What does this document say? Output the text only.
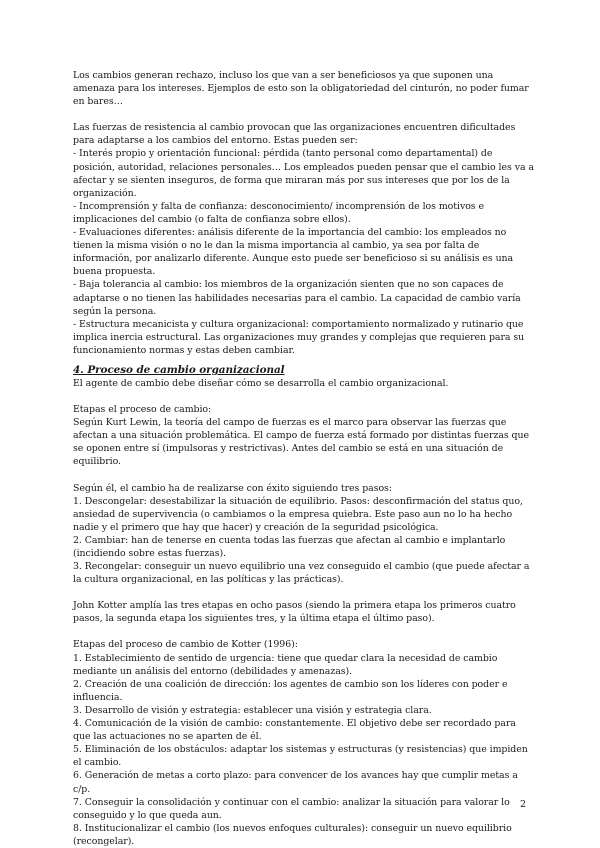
Los cambios generan rechazo, incluso los que van a ser beneficiosos ya que suponen una amenaza para los intereses. Ejemplos de esto son la obligatoriedad del cinturón, no poder fumar en bares…

Las fuerzas de resistencia al cambio provocan que las organizaciones encuentren dificultades para adaptarse a los cambios del entorno. Estas pueden ser:

- Interés propio y orientación funcional: pérdida (tanto personal como departamental) de posición, autoridad, relaciones personales… Los empleados pueden pensar que el cambio les va a afectar y se sienten inseguros, de forma que miraran más por sus intereses que por los de la organización.

- Incomprensión y falta de confianza: desconocimiento/ incomprensión de los motivos e implicaciones del cambio (o falta de confianza sobre ellos).

- Evaluaciones diferentes: análisis diferente de la importancia del cambio: los empleados no tienen la misma visión o no le dan la misma importancia al cambio, ya sea por falta de información, por analizarlo diferente. Aunque esto puede ser beneficioso si su análisis es una buena propuesta.

- Baja tolerancia al cambio: los miembros de la organización sienten que no son capaces de adaptarse o no tienen las habilidades necesarias para el cambio. La capacidad de cambio varía según la persona.

- Estructura mecanicista y cultura organizacional: comportamiento normalizado y rutinario que implica inercia estructural. Las organizaciones muy grandes y complejas que requieren para su funcionamiento normas y estas deben cambiar.

4. Proceso de cambio organizacional

El agente de cambio debe diseñar cómo se desarrolla el cambio organizacional.

Etapas el proceso de cambio:

Según Kurt Lewin, la teoría del campo de fuerzas es el marco para observar las fuerzas que afectan a una situación problemática. El campo de fuerza está formado por distintas fuerzas que se oponen entre sí (impulsoras y restrictivas). Antes del cambio se está en una situación de equilibrio.

Según él, el cambio ha de realizarse con éxito siguiendo tres pasos:

1. Descongelar: desestabilizar la situación de equilibrio. Pasos: desconfirmación del status quo, ansiedad de supervivencia (o cambiamos o la empresa quiebra. Este paso aun no lo ha hecho nadie y el primero que hay que hacer) y creación de la seguridad psicológica.

2. Cambiar: han de tenerse en cuenta todas las fuerzas que afectan al cambio e implantarlo (incidiendo sobre estas fuerzas).

3. Recongelar: conseguir un nuevo equilibrio una vez conseguido el cambio (que puede afectar a la cultura organizacional, en las políticas y las prácticas).

John Kotter amplía las tres etapas en ocho pasos (siendo la primera etapa los primeros cuatro pasos, la segunda etapa los siguientes tres, y la última etapa el último paso).

Etapas del proceso de cambio de Kotter (1996):

1. Establecimiento de sentido de urgencia: tiene que quedar clara la necesidad de cambio mediante un análisis del entorno (debilidades y amenazas).

2. Creación de una coalición de dirección: los agentes de cambio son los líderes con poder e influencia.

3. Desarrollo de visión y estrategia: establecer una visión y estrategia clara.

4. Comunicación de la visión de cambio: constantemente. El objetivo debe ser recordado para que las actuaciones no se aparten de él.

5. Eliminación de los obstáculos: adaptar los sistemas y estructuras (y resistencias) que impiden el cambio.

6. Generación de metas a corto plazo: para convencer de los avances hay que cumplir metas a c/p.

7. Conseguir la consolidación y continuar con el cambio: analizar la situación para valorar lo conseguido y lo que queda aun.

8. Institucionalizar el cambio (los nuevos enfoques culturales): conseguir un nuevo equilibrio (recongelar).

2
